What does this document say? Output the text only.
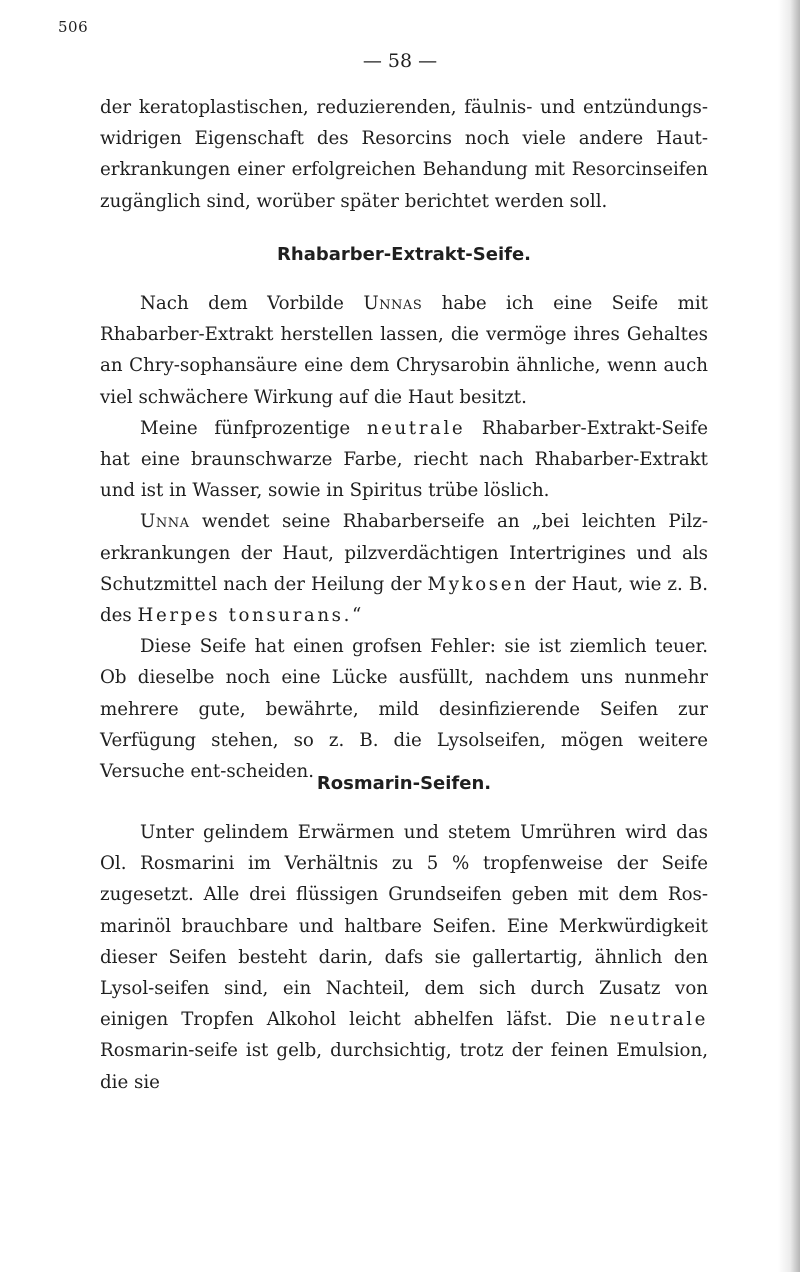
506
— 58 —

der keratoplastischen, reduzierenden, fäulnis- und entzündungs-widrigen Eigenschaft des Resorcins noch viele andere Haut-erkrankungen einer erfolgreichen Behandung mit Resorcinseifen zugänglich sind, worüber später berichtet werden soll.

Rhabarber-Extrakt-Seife.

Nach dem Vorbilde Unnas habe ich eine Seife mit Rhabarber-Extrakt herstellen lassen, die vermöge ihres Gehaltes an Chry-sophansäure eine dem Chrysarobin ähnliche, wenn auch viel schwächere Wirkung auf die Haut besitzt.

Meine fünfprozentige neutrale Rhabarber-Extrakt-Seife hat eine braunschwarze Farbe, riecht nach Rhabarber-Extrakt und ist in Wasser, sowie in Spiritus trübe löslich.

Unna wendet seine Rhabarberseife an „bei leichten Pilz-erkrankungen der Haut, pilzverdächtigen Intertrigines und als Schutzmittel nach der Heilung der Mykosen der Haut, wie z. B. des Herpes tonsurans.“

Diese Seife hat einen grofsen Fehler: sie ist ziemlich teuer. Ob dieselbe noch eine Lücke ausfüllt, nachdem uns nunmehr mehrere gute, bewährte, mild desinfizierende Seifen zur Verfügung stehen, so z. B. die Lysolseifen, mögen weitere Versuche ent-scheiden.

Rosmarin-Seifen.

Unter gelindem Erwärmen und stetem Umrühren wird das Ol. Rosmarini im Verhältnis zu 5 % tropfenweise der Seife zugesetzt. Alle drei flüssigen Grundseifen geben mit dem Ros-marinöl brauchbare und haltbare Seifen. Eine Merkwürdigkeit dieser Seifen besteht darin, dafs sie gallertartig, ähnlich den Lysol-seifen sind, ein Nachteil, dem sich durch Zusatz von einigen Tropfen Alkohol leicht abhelfen läfst. Die neutrale Rosmarin-seife ist gelb, durchsichtig, trotz der feinen Emulsion, die sie
